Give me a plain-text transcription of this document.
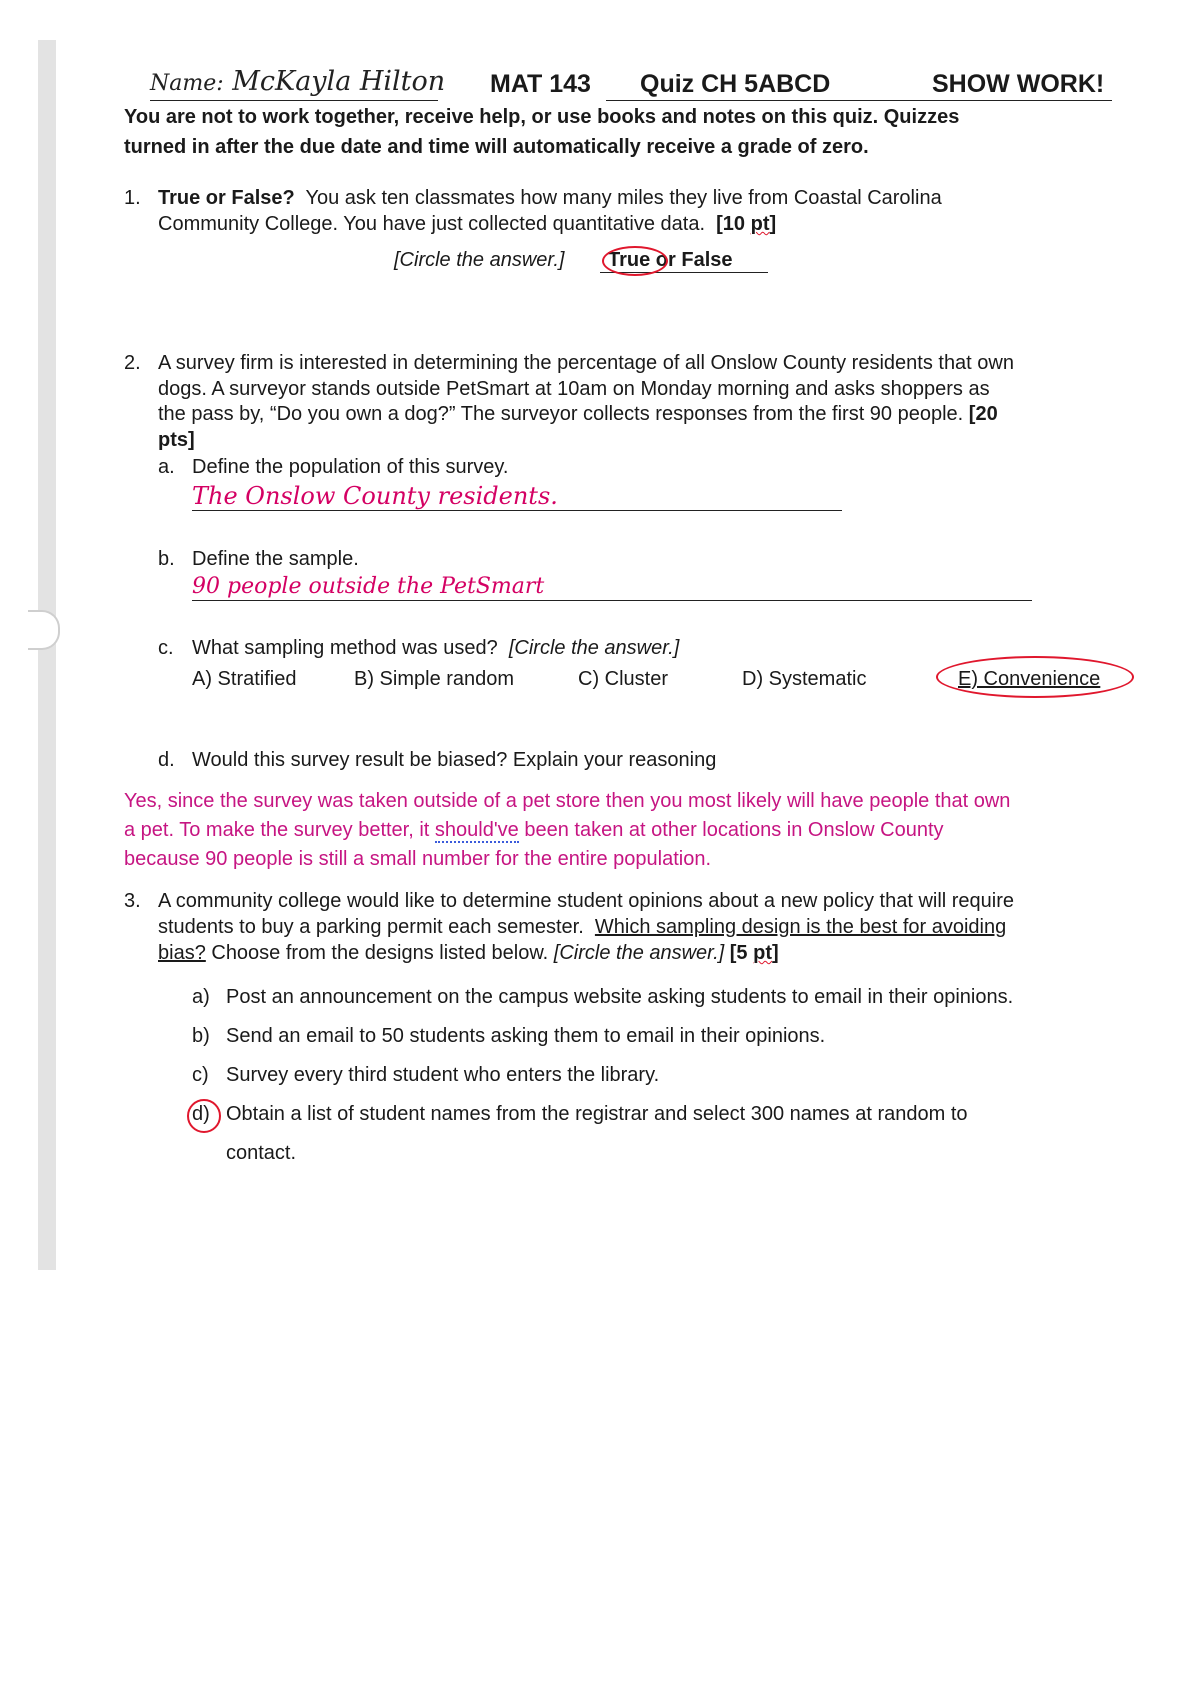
Name: McKayla Hilton MAT 143 Quiz CH 5ABCD	SHOW WORK!
You are not to work together, receive help, or use books and notes on this quiz. Quizzes
turned in after the due date and time will automatically receive a grade of zero.
1. True or False? You ask ten classmates how many miles they live from Coastal Carolina
Community College. You have just collected quantitative data. [10 pt]
[Circle the answer.] True or False
2. A survey firm is interested in determining the percentage of all Onslow County residents that own
dogs. A surveyor stands outside PetSmart at 10am on Monday morning and asks shoppers as
the pass by, “Do you own a dog?” The surveyor collects responses from the first 90 people. [20
pts]
a. Define the population of this survey.
The Onslow County residents.
b. Define the sample.
90 people outside the PetSmart
c. What sampling method was used? [Circle the answer.]
A) Stratified	B) Simple random	C) Cluster	D) Systematic	E) Convenience
d. Would this survey result be biased? Explain your reasoning
Yes, since the survey was taken outside of a pet store then you most likely will have people that own
a pet. To make the survey better, it should've been taken at other locations in Onslow County
because 90 people is still a small number for the entire population.
3. A community college would like to determine student opinions about a new policy that will require
students to buy a parking permit each semester. Which sampling design is the best for avoiding
bias? Choose from the designs listed below. [Circle the answer.] [5 pt]
a) Post an announcement on the campus website asking students to email in their opinions.
b) Send an email to 50 students asking them to email in their opinions.
c) Survey every third student who enters the library.
d) Obtain a list of student names from the registrar and select 300 names at random to
contact.
